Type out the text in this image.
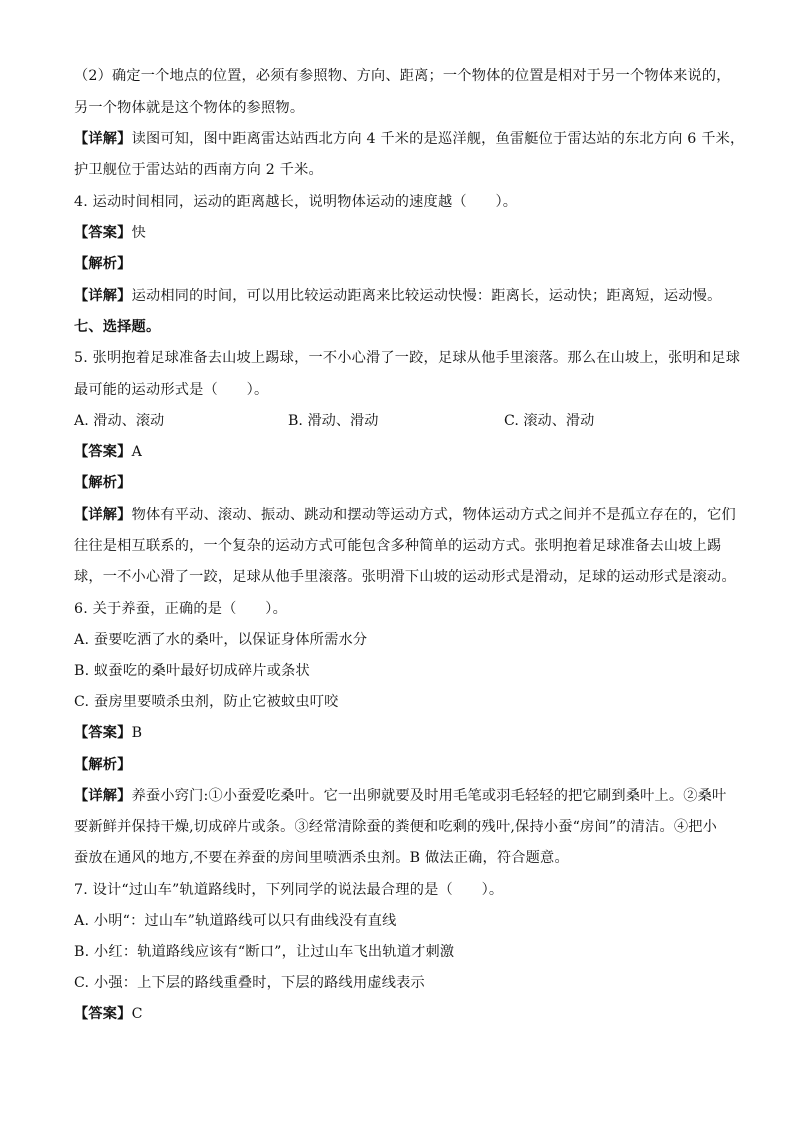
（2）确定一个地点的位置，必须有参照物、方向、距离；一个物体的位置是相对于另一个物体来说的，
另一个物体就是这个物体的参照物。
【详解】读图可知，图中距离雷达站西北方向 4 千米的是巡洋舰，鱼雷艇位于雷达站的东北方向 6 千米，
护卫舰位于雷达站的西南方向 2 千米。
4. 运动时间相同，运动的距离越长，说明物体运动的速度越（　　）。
【答案】快
【解析】
【详解】运动相同的时间，可以用比较运动距离来比较运动快慢：距离长，运动快；距离短，运动慢。
七、选择题。
5. 张明抱着足球准备去山坡上踢球，一不小心滑了一跤，足球从他手里滚落。那么在山坡上，张明和足球
最可能的运动形式是（　　）。
A. 滑动、滚动	B. 滑动、滑动	C. 滚动、滑动
【答案】A
【解析】
【详解】物体有平动、滚动、振动、跳动和摆动等运动方式，物体运动方式之间并不是孤立存在的，它们
往往是相互联系的，一个复杂的运动方式可能包含多种简单的运动方式。张明抱着足球准备去山坡上踢
球，一不小心滑了一跤，足球从他手里滚落。张明滑下山坡的运动形式是滑动，足球的运动形式是滚动。
6. 关于养蚕，正确的是（　　）。
A. 蚕要吃洒了水的桑叶，以保证身体所需水分
B. 蚁蚕吃的桑叶最好切成碎片或条状
C. 蚕房里要喷杀虫剂，防止它被蚊虫叮咬
【答案】B
【解析】
【详解】养蚕小窍门:①小蚕爱吃桑叶。它一出卵就要及时用毛笔或羽毛轻轻的把它刷到桑叶上。②桑叶
要新鲜并保持干燥,切成碎片或条。③经常清除蚕的粪便和吃剩的残叶,保持小蚕“房间”的清洁。④把小
蚕放在通风的地方,不要在养蚕的房间里喷洒杀虫剂。B 做法正确，符合题意。
7. 设计“过山车”轨道路线时，下列同学的说法最合理的是（　　）。
A. 小明“：过山车”轨道路线可以只有曲线没有直线
B. 小红：轨道路线应该有“断口”，让过山车飞出轨道才刺激
C. 小强：上下层的路线重叠时，下层的路线用虚线表示
【答案】C
